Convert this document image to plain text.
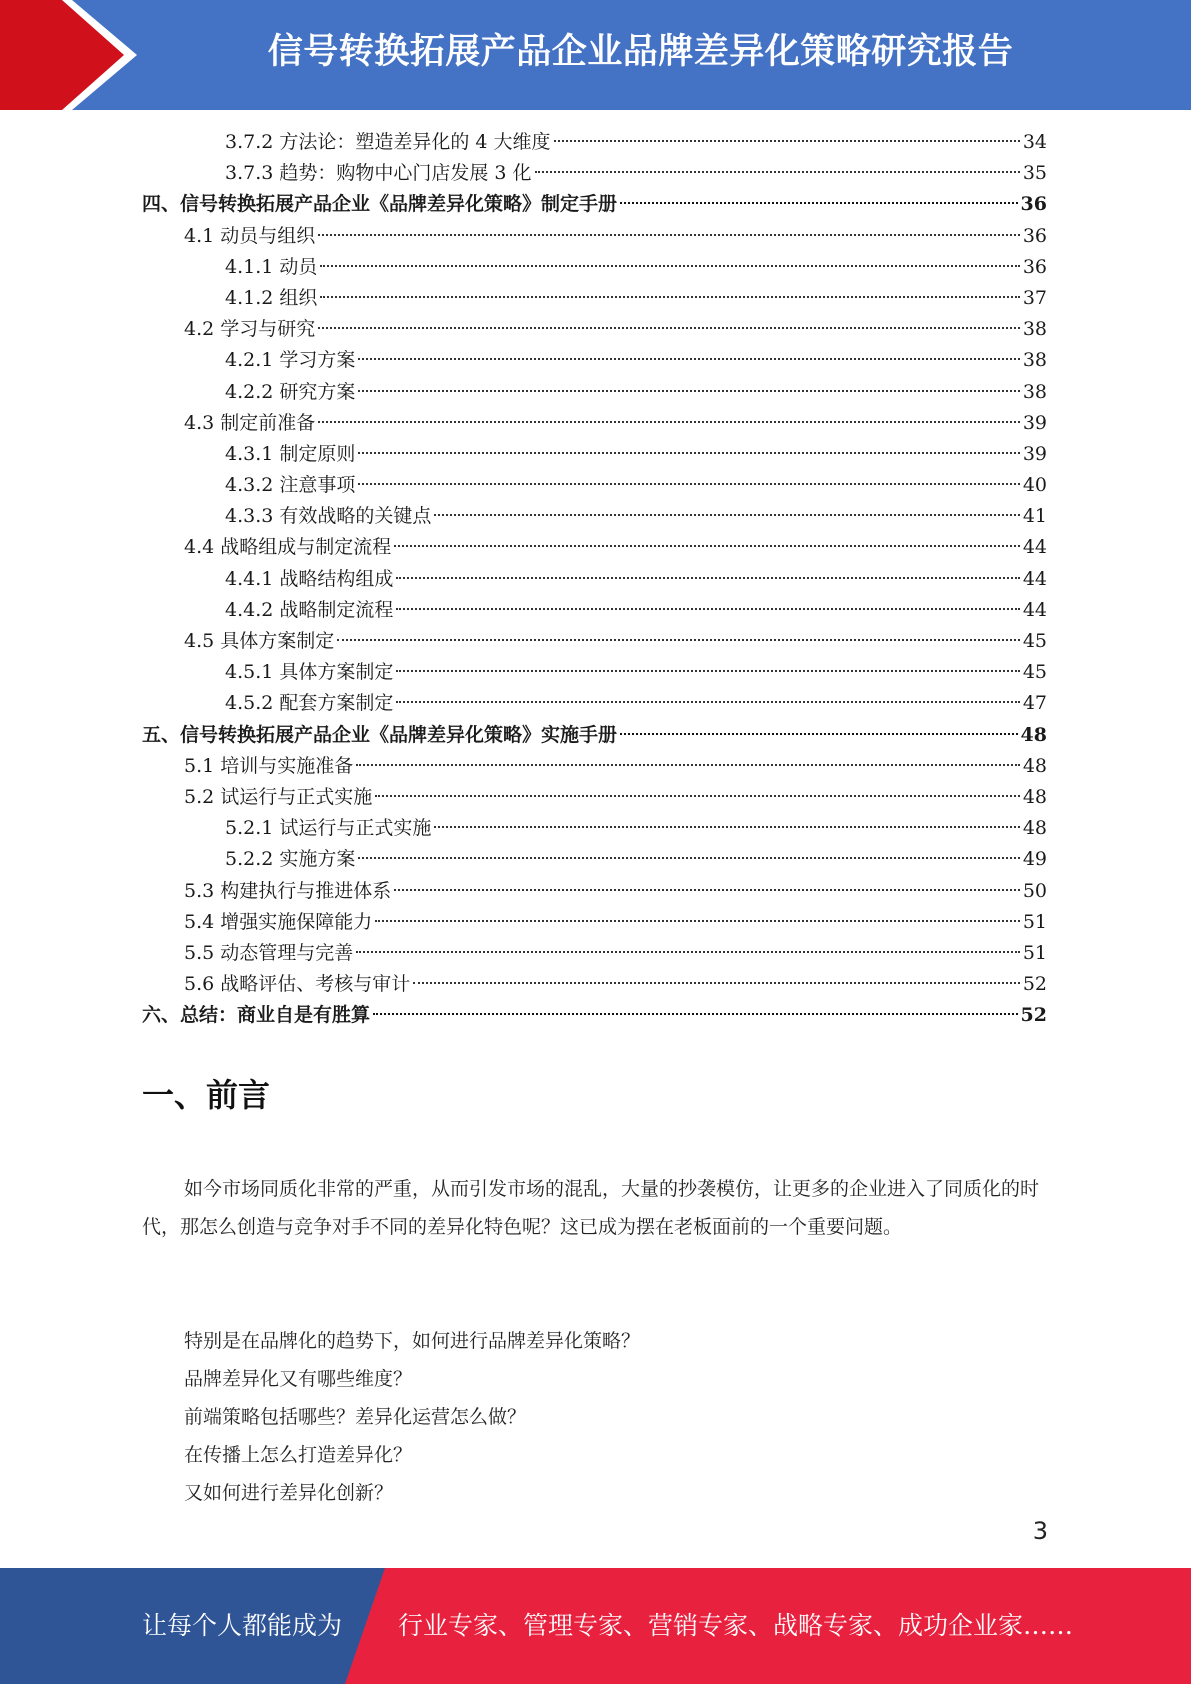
信号转换拓展产品企业品牌差异化策略研究报告
3.7.2 方法论：塑造差异化的 4 大维度	34
3.7.3 趋势：购物中心门店发展 3 化	35
四、信号转换拓展产品企业《品牌差异化策略》制定手册	36
4.1 动员与组织	36
4.1.1 动员	36
4.1.2 组织	37
4.2 学习与研究	38
4.2.1 学习方案	38
4.2.2 研究方案	38
4.3 制定前准备	39
4.3.1 制定原则	39
4.3.2 注意事项	40
4.3.3 有效战略的关键点	41
4.4 战略组成与制定流程	44
4.4.1 战略结构组成	44
4.4.2 战略制定流程	44
4.5 具体方案制定	45
4.5.1 具体方案制定	45
4.5.2 配套方案制定	47
五、信号转换拓展产品企业《品牌差异化策略》实施手册	48
5.1 培训与实施准备	48
5.2 试运行与正式实施	48
5.2.1 试运行与正式实施	48
5.2.2 实施方案	49
5.3 构建执行与推进体系	50
5.4 增强实施保障能力	51
5.5 动态管理与完善	51
5.6 战略评估、考核与审计	52
六、总结：商业自是有胜算	52
一、前言

如今市场同质化非常的严重，从而引发市场的混乱，大量的抄袭模仿，让更多的企业进入了同质化的时代，那怎么创造与竞争对手不同的差异化特色呢？这已成为摆在老板面前的一个重要问题。

特别是在品牌化的趋势下，如何进行品牌差异化策略？
品牌差异化又有哪些维度？
前端策略包括哪些？差异化运营怎么做？
在传播上怎么打造差异化？
又如何进行差异化创新？
3
让每个人都能成为 行业专家、管理专家、营销专家、战略专家、成功企业家……
